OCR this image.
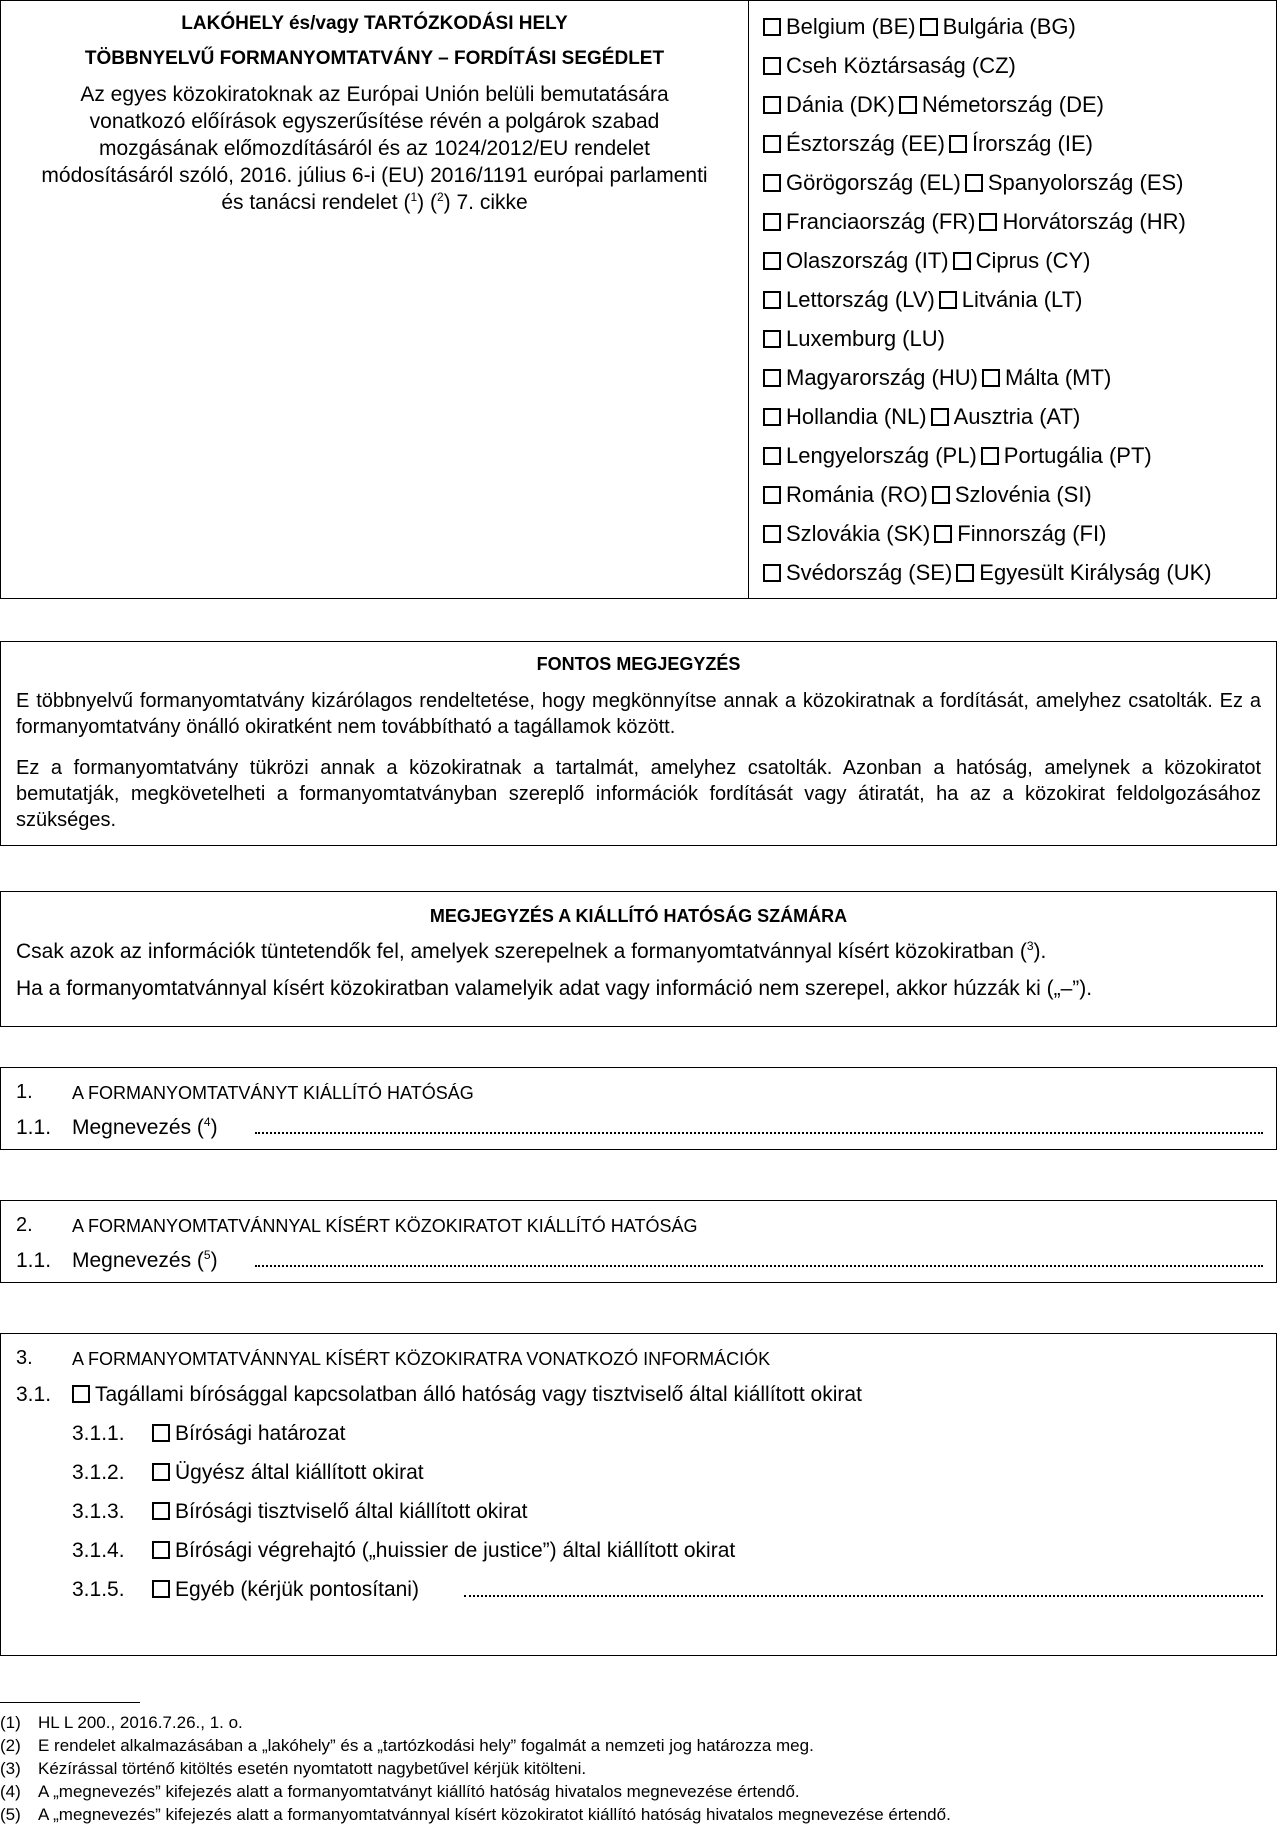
LAKÓHELY és/vagy TARTÓZKODÁSI HELY
TÖBBNYELVŰ FORMANYOMTATVÁNY – FORDÍTÁSI SEGÉDLET
Az egyes közokiratoknak az Európai Unión belüli bemutatására vonatkozó előírások egyszerűsítése révén a polgárok szabad mozgásának előmozdításáról és az 1024/2012/EU rendelet módosításáról szóló, 2016. július 6-i (EU) 2016/1191 európai parlamenti és tanácsi rendelet ($^1$) ($^2$) 7. cikke
Belgium (BE) Bulgária (BG)
Cseh Köztársaság (CZ)
Dánia (DK) Németország (DE)
Észtország (EE) Írország (IE)
Görögország (EL) Spanyolország (ES)
Franciaország (FR) Horvátország (HR)
Olaszország (IT) Ciprus (CY)
Lettország (LV) Litvánia (LT)
Luxemburg (LU)
Magyarország (HU) Málta (MT)
Hollandia (NL) Ausztria (AT)
Lengyelország (PL) Portugália (PT)
Románia (RO) Szlovénia (SI)
Szlovákia (SK) Finnország (FI)
Svédország (SE) Egyesült Királyság (UK)
FONTOS MEGJEGYZÉS
E többnyelvű formanyomtatvány kizárólagos rendeltetése, hogy megkönnyítse annak a közokiratnak a fordítását, amelyhez csatolták. Ez a formanyomtatvány önálló okiratként nem továbbítható a tagállamok között.
Ez a formanyomtatvány tükrözi annak a közokiratnak a tartalmát, amelyhez csatolták. Azonban a hatóság, amelynek a közokiratot bemutatják, megkövetelheti a formanyomtatványban szereplő információk fordítását vagy átiratát, ha az a közokirat feldolgozásához szükséges.
MEGJEGYZÉS A KIÁLLÍTÓ HATÓSÁG SZÁMÁRA
Csak azok az információk tüntetendők fel, amelyek szerepelnek a formanyomtatvánnyal kísért közokiratban ($^3$).
Ha a formanyomtatvánnyal kísért közokiratban valamelyik adat vagy információ nem szerepel, akkor húzzák ki („–”).
1. A FORMANYOMTATVÁNYT KIÁLLÍTÓ HATÓSÁG
1.1. Megnevezés ($^4$)
2. A FORMANYOMTATVÁNNYAL KÍSÉRT KÖZOKIRATOT KIÁLLÍTÓ HATÓSÁG
1.1. Megnevezés ($^5$)
3. A FORMANYOMTATVÁNNYAL KÍSÉRT KÖZOKIRATRA VONATKOZÓ INFORMÁCIÓK
3.1.	Tagállami bírósággal kapcsolatban álló hatóság vagy tisztviselő által kiállított okirat
3.1.1.	Bírósági határozat
3.1.2.	Ügyész által kiállított okirat
3.1.3.	Bírósági tisztviselő által kiállított okirat
3.1.4.	Bírósági végrehajtó („huissier de justice”) által kiállított okirat
3.1.5.	Egyéb (kérjük pontosítani)
(1) HL L 200., 2016.7.26., 1. o.
(2) E rendelet alkalmazásában a „lakóhely” és a „tartózkodási hely” fogalmát a nemzeti jog határozza meg.
(3) Kézírással történő kitöltés esetén nyomtatott nagybetűvel kérjük kitölteni.
(4) A „megnevezés” kifejezés alatt a formanyomtatványt kiállító hatóság hivatalos megnevezése értendő.
(5) A „megnevezés” kifejezés alatt a formanyomtatvánnyal kísért közokiratot kiállító hatóság hivatalos megnevezése értendő.
